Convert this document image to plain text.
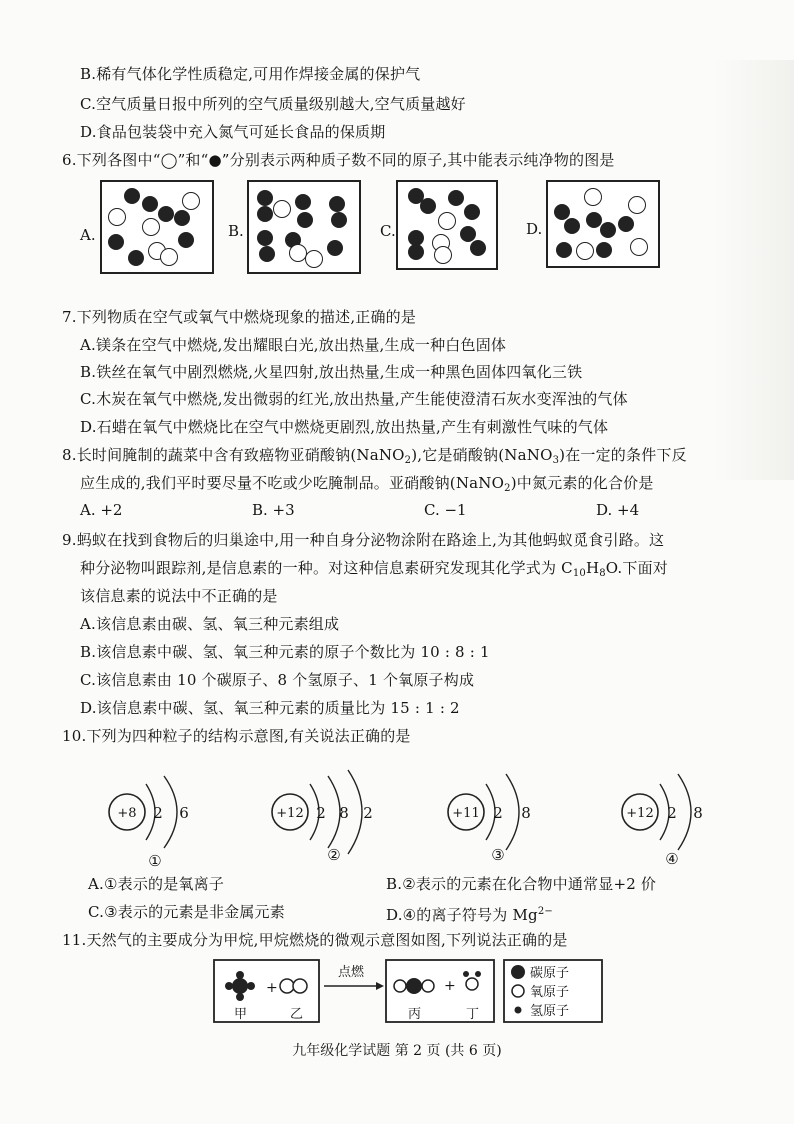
B.稀有气体化学性质稳定,可用作焊接金属的保护气
C.空气质量日报中所列的空气质量级别越大,空气质量越好
D.食品包装袋中充入氮气可延长食品的保质期
6.下列各图中“◯”和“●”分别表示两种质子数不同的原子,其中能表示纯净物的图是
A.	B.	C.	D.
7.下列物质在空气或氧气中燃烧现象的描述,正确的是
A.镁条在空气中燃烧,发出耀眼白光,放出热量,生成一种白色固体
B.铁丝在氧气中剧烈燃烧,火星四射,放出热量,生成一种黑色固体四氧化三铁
C.木炭在氧气中燃烧,发出微弱的红光,放出热量,产生能使澄清石灰水变浑浊的气体
D.石蜡在氧气中燃烧比在空气中燃烧更剧烈,放出热量,产生有刺激性气味的气体
8.长时间腌制的蔬菜中含有致癌物亚硝酸钠(NaNO$_2$),它是硝酸钠(NaNO$_3$)在一定的条件下反
应生成的,我们平时要尽量不吃或少吃腌制品。亚硝酸钠(NaNO$_2$)中氮元素的化合价是
A. +2	B. +3	C. −1	D. +4
9.蚂蚁在找到食物后的归巢途中,用一种自身分泌物涂附在路途上,为其他蚂蚁觅食引路。这
种分泌物叫跟踪剂,是信息素的一种。对这种信息素研究发现其化学式为 $C_{10}H_8O$.下面对
该信息素的说法中不正确的是
A.该信息素由碳、氢、氧三种元素组成
B.该信息素中碳、氢、氧三种元素的原子个数比为 10 : 8 : 1
C.该信息素由 10 个碳原子、8 个氢原子、1 个氧原子构成
D.该信息素中碳、氢、氧三种元素的质量比为 15 : 1 : 2
10.下列为四种粒子的结构示意图,有关说法正确的是
+8 2 6
①
+12 2 8 2
②
+11 2 8
③
+12 2 8
④
A.①表示的是氧离子	B.②表示的元素在化合物中通常显+2 价
C.③表示的元素是非金属元素	D.④的离子符号为 $Mg^{2-}$
11.天然气的主要成分为甲烷,甲烷燃烧的微观示意图如图,下列说法正确的是
+
甲	乙
点燃
+
丙	丁
碳原子
氧原子
氢原子
九年级化学试题 第 2 页 (共 6 页)
